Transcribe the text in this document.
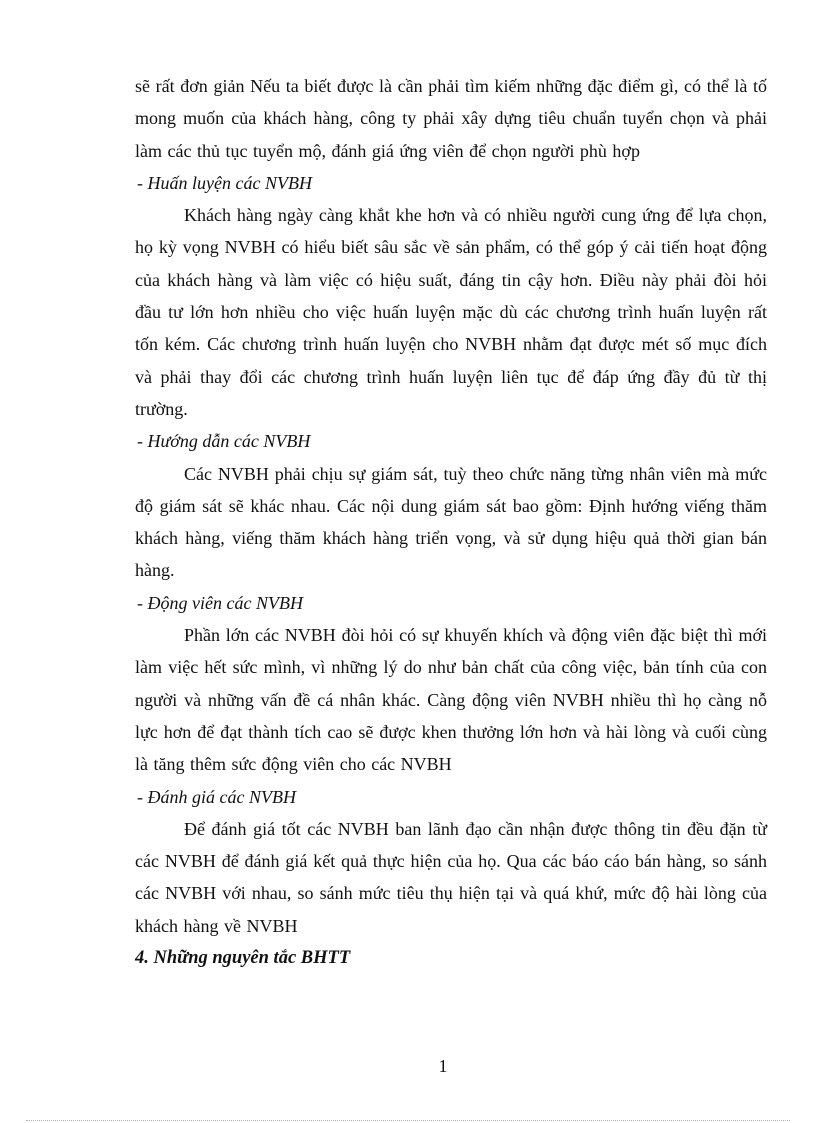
sẽ rất đơn giản Nếu ta biết được là cần phải tìm kiếm những đặc điểm gì, có thể là tố mong muốn của khách hàng, công ty phải xây dựng tiêu chuẩn tuyển chọn và phải làm các thủ tục tuyển mộ, đánh giá ứng viên để chọn người phù hợp

- Huấn luyện các NVBH

Khách hàng ngày càng khắt khe hơn và có nhiều người cung ứng để lựa chọn, họ kỳ vọng NVBH có hiểu biết sâu sắc về sản phẩm, có thể góp ý cải tiến hoạt động của khách hàng và làm việc có hiệu suất, đáng tin cậy hơn. Điều này phải đòi hỏi đầu tư lớn hơn nhiều cho việc huấn luyện mặc dù các chương trình huấn luyện rất tốn kém. Các chương trình huấn luyện cho NVBH nhằm đạt được mét số mục đích và phải thay đổi các chương trình huấn luyện liên tục để đáp ứng đầy đủ từ thị trường.

- Hướng dẫn các NVBH

Các NVBH phải chịu sự giám sát, tuỳ theo chức năng từng nhân viên mà mức độ giám sát sẽ khác nhau. Các nội dung giám sát bao gồm: Định hướng viếng thăm khách hàng, viếng thăm khách hàng triển vọng, và sử dụng hiệu quả thời gian bán hàng.

- Động viên các NVBH

Phần lớn các NVBH đòi hỏi có sự khuyến khích và động viên đặc biệt thì mới làm việc hết sức mình, vì những lý do như bản chất của công việc, bản tính của con người và những vấn đề cá nhân khác. Càng động viên NVBH nhiều thì họ càng nỗ lực hơn để đạt thành tích cao sẽ được khen thưởng lớn hơn và hài lòng và cuối cùng là tăng thêm sức động viên cho các NVBH

- Đánh giá các NVBH

Để đánh giá tốt các NVBH ban lãnh đạo cần nhận được thông tin đều đặn từ các NVBH để đánh giá kết quả thực hiện của họ. Qua các báo cáo bán hàng, so sánh các NVBH với nhau, so sánh mức tiêu thụ hiện tại và quá khứ, mức độ hài lòng của khách hàng về NVBH

4. Những nguyên tắc BHTT

1
